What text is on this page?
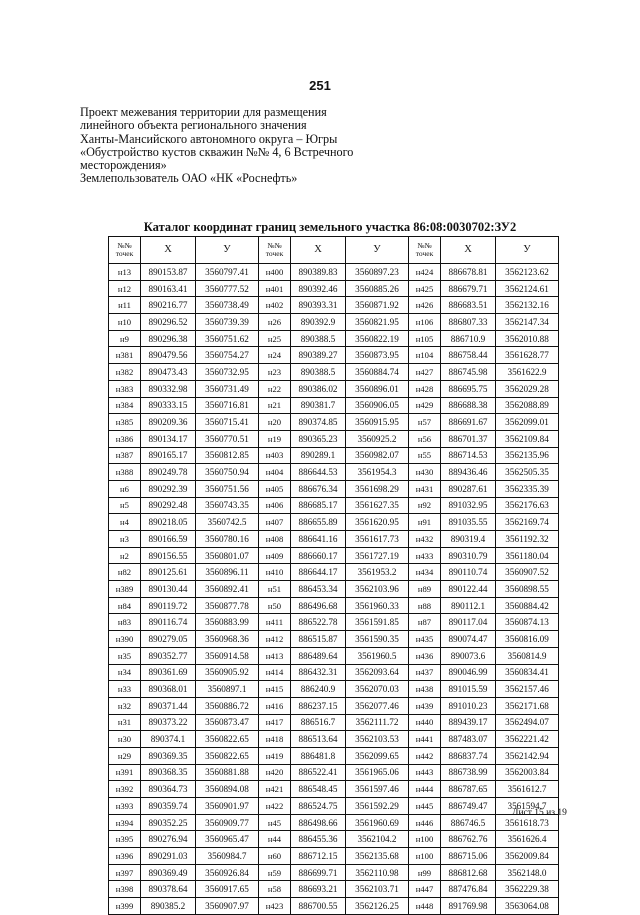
251
Проект межевания территории для размещения
линейного объекта регионального значения
Ханты-Мансийского автономного округа – Югры
«Обустройство кустов скважин №№ 4, 6 Встречного
месторождения»
Землепользователь ОАО «НК «Роснефть»
Каталог координат границ земельного участка 86:08:0030702:ЗУ2
№№ точек	X	У	№№ точек	X	У	№№ точек	X	У
н13	890153.87	3560797.41	н400	890389.83	3560897.23	н424	886678.81	3562123.62
н12	890163.41	3560777.52	н401	890392.46	3560885.26	н425	886679.71	3562124.61
н11	890216.77	3560738.49	н402	890393.31	3560871.92	н426	886683.51	3562132.16
н10	890296.52	3560739.39	н26	890392.9	3560821.95	н106	886807.33	3562147.34
н9	890296.38	3560751.62	н25	890388.5	3560822.19	н105	886710.9	3562010.88
н381	890479.56	3560754.27	н24	890389.27	3560873.95	н104	886758.44	3561628.77
н382	890473.43	3560732.95	н23	890388.5	3560884.74	н427	886745.98	3561622.9
н383	890332.98	3560731.49	н22	890386.02	3560896.01	н428	886695.75	3562029.28
н384	890333.15	3560716.81	н21	890381.7	3560906.05	н429	886688.38	3562088.89
н385	890209.36	3560715.41	н20	890374.85	3560915.95	н57	886691.67	3562099.01
н386	890134.17	3560770.51	н19	890365.23	3560925.2	н56	886701.37	3562109.84
н387	890165.17	3560812.85	н403	890289.1	3560982.07	н55	886714.53	3562135.96
н388	890249.78	3560750.94	н404	886644.53	3561954.3	н430	889436.46	3562505.35
н6	890292.39	3560751.56	н405	886676.34	3561698.29	н431	890287.61	3562335.39
н5	890292.48	3560743.35	н406	886685.17	3561627.35	н92	891032.95	3562176.63
н4	890218.05	3560742.5	н407	886655.89	3561620.95	н91	891035.55	3562169.74
н3	890166.59	3560780.16	н408	886641.16	3561617.73	н432	890319.4	3561192.32
н2	890156.55	3560801.07	н409	886660.17	3561727.19	н433	890310.79	3561180.04
н82	890125.61	3560896.11	н410	886644.17	3561953.2	н434	890110.74	3560907.52
н389	890130.44	3560892.41	н51	886453.34	3562103.96	н89	890122.44	3560898.55
н84	890119.72	3560877.78	н50	886496.68	3561960.33	н88	890112.1	3560884.42
н83	890116.74	3560883.99	н411	886522.78	3561591.85	н87	890117.04	3560874.13
н390	890279.05	3560968.36	н412	886515.87	3561590.35	н435	890074.47	3560816.09
н35	890352.77	3560914.58	н413	886489.64	3561960.5	н436	890073.6	3560814.9
н34	890361.69	3560905.92	н414	886432.31	3562093.64	н437	890046.99	3560834.41
н33	890368.01	3560897.1	н415	886240.9	3562070.03	н438	891015.59	3562157.46
н32	890371.44	3560886.72	н416	886237.15	3562077.46	н439	891010.23	3562171.68
н31	890373.22	3560873.47	н417	886516.7	3562111.72	н440	889439.17	3562494.07
н30	890374.1	3560822.65	н418	886513.64	3562103.53	н441	887483.07	3562221.42
н29	890369.35	3560822.65	н419	886481.8	3562099.65	н442	886837.74	3562142.94
н391	890368.35	3560881.88	н420	886522.41	3561965.06	н443	886738.99	3562003.84
н392	890364.73	3560894.08	н421	886548.45	3561597.46	н444	886787.65	3561612.7
н393	890359.74	3560901.97	н422	886524.75	3561592.29	н445	886749.47	3561594.7
н394	890352.25	3560909.77	н45	886498.66	3561960.69	н446	886746.5	3561618.73
н395	890276.94	3560965.47	н44	886455.36	3562104.2	н100	886762.76	3561626.4
н396	890291.03	3560984.7	н60	886712.15	3562135.68	н100	886715.06	3562009.84
н397	890369.49	3560926.84	н59	886699.71	3562110.98	н99	886812.68	3562148.0
н398	890378.64	3560917.65	н58	886693.21	3562103.71	н447	887476.84	3562229.38
н399	890385.2	3560907.97	н423	886700.55	3562126.25	н448	891769.98	3563064.08
Лист 15 из 19
